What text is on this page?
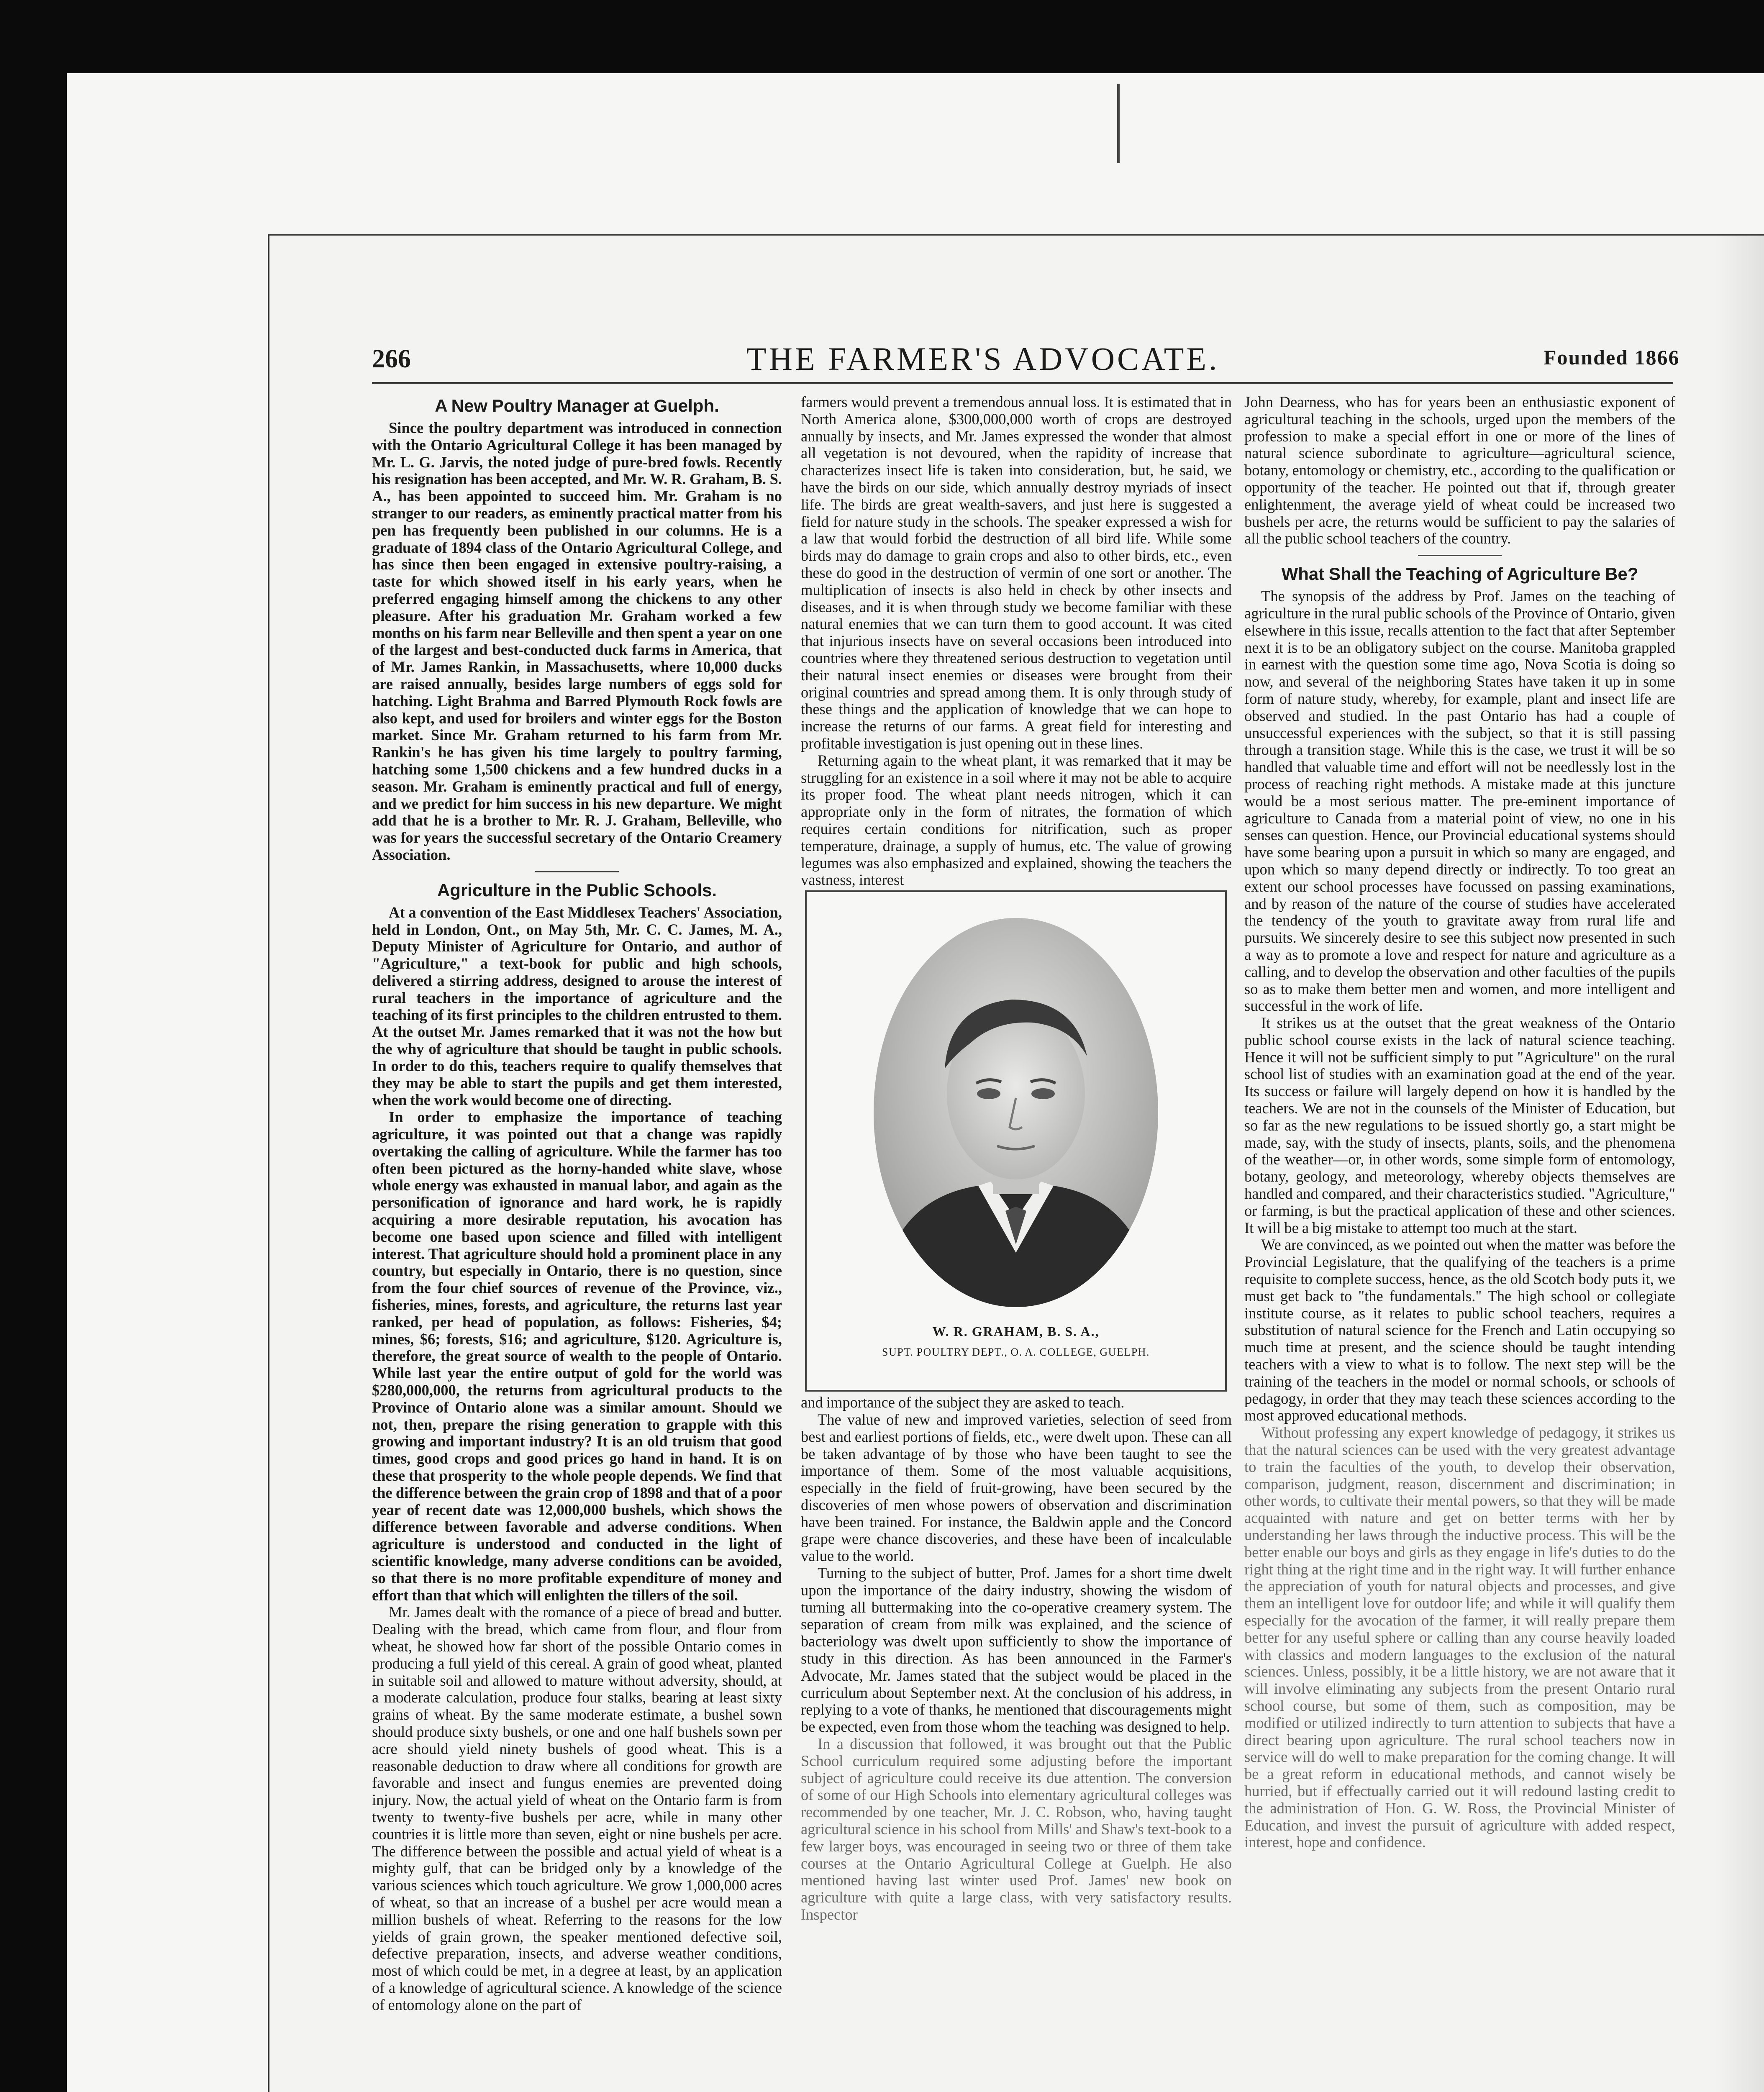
266	THE FARMER'S ADVOCATE.	Founded 1866
A New Poultry Manager at Guelph.

Since the poultry department was introduced in connection with the Ontario Agricultural College it has been managed by Mr. L. G. Jarvis, the noted judge of pure-bred fowls. Recently his resignation has been accepted, and Mr. W. R. Graham, B. S. A., has been appointed to succeed him. Mr. Graham is no stranger to our readers, as eminently practical matter from his pen has frequently been published in our columns. He is a graduate of 1894 class of the Ontario Agricultural College, and has since then been engaged in extensive poultry-raising, a taste for which showed itself in his early years, when he preferred engaging himself among the chickens to any other pleasure. After his graduation Mr. Graham worked a few months on his farm near Belleville and then spent a year on one of the largest and best-conducted duck farms in America, that of Mr. James Rankin, in Massachusetts, where 10,000 ducks are raised annually, besides large numbers of eggs sold for hatching. Light Brahma and Barred Plymouth Rock fowls are also kept, and used for broilers and winter eggs for the Boston market. Since Mr. Graham returned to his farm from Mr. Rankin's he has given his time largely to poultry farming, hatching some 1,500 chickens and a few hundred ducks in a season. Mr. Graham is eminently practical and full of energy, and we predict for him success in his new departure. We might add that he is a brother to Mr. R. J. Graham, Belleville, who was for years the successful secretary of the Ontario Creamery Association.

Agriculture in the Public Schools.

At a convention of the East Middlesex Teachers' Association, held in London, Ont., on May 5th, Mr. C. C. James, M. A., Deputy Minister of Agriculture for Ontario, and author of "Agriculture," a text-book for public and high schools, delivered a stirring address, designed to arouse the interest of rural teachers in the importance of agriculture and the teaching of its first principles to the children entrusted to them. At the outset Mr. James remarked that it was not the how but the why of agriculture that should be taught in public schools. In order to do this, teachers require to qualify themselves that they may be able to start the pupils and get them interested, when the work would become one of directing.

In order to emphasize the importance of teaching agriculture, it was pointed out that a change was rapidly overtaking the calling of agriculture. While the farmer has too often been pictured as the horny-handed white slave, whose whole energy was exhausted in manual labor, and again as the personification of ignorance and hard work, he is rapidly acquiring a more desirable reputation, his avocation has become one based upon science and filled with intelligent interest. That agriculture should hold a prominent place in any country, but especially in Ontario, there is no question, since from the four chief sources of revenue of the Province, viz., fisheries, mines, forests, and agriculture, the returns last year ranked, per head of population, as follows: Fisheries, $4; mines, $6; forests, $16; and agriculture, $120. Agriculture is, therefore, the great source of wealth to the people of Ontario. While last year the entire output of gold for the world was $280,000,000, the returns from agricultural products to the Province of Ontario alone was a similar amount. Should we not, then, prepare the rising generation to grapple with this growing and important industry? It is an old truism that good times, good crops and good prices go hand in hand. It is on these that prosperity to the whole people depends. We find that the difference between the grain crop of 1898 and that of a poor year of recent date was 12,000,000 bushels, which shows the difference between favorable and adverse conditions. When agriculture is understood and conducted in the light of scientific knowledge, many adverse conditions can be avoided, so that there is no more profitable expenditure of money and effort than that which will enlighten the tillers of the soil.

Mr. James dealt with the romance of a piece of bread and butter. Dealing with the bread, which came from flour, and flour from wheat, he showed how far short of the possible Ontario comes in producing a full yield of this cereal. A grain of good wheat, planted in suitable soil and allowed to mature without adversity, should, at a moderate calculation, produce four stalks, bearing at least sixty grains of wheat. By the same moderate estimate, a bushel sown should produce sixty bushels, or one and one half bushels sown per acre should yield ninety bushels of good wheat. This is a reasonable deduction to draw where all conditions for growth are favorable and insect and fungus enemies are prevented doing injury. Now, the actual yield of wheat on the Ontario farm is from twenty to twenty-five bushels per acre, while in many other countries it is little more than seven, eight or nine bushels per acre. The difference between the possible and actual yield of wheat is a mighty gulf, that can be bridged only by a knowledge of the various sciences which touch agriculture. We grow 1,000,000 acres of wheat, so that an increase of a bushel per acre would mean a million bushels of wheat. Referring to the reasons for the low yields of grain grown, the speaker mentioned defective soil, defective preparation, insects, and adverse weather conditions, most of which could be met, in a degree at least, by an application of a knowledge of agricultural science. A knowledge of the science of entomology alone on the part of

farmers would prevent a tremendous annual loss. It is estimated that in North America alone, $300,000,000 worth of crops are destroyed annually by insects, and Mr. James expressed the wonder that almost all vegetation is not devoured, when the rapidity of increase that characterizes insect life is taken into consideration, but, he said, we have the birds on our side, which annually destroy myriads of insect life. The birds are great wealth-savers, and just here is suggested a field for nature study in the schools. The speaker expressed a wish for a law that would forbid the destruction of all bird life. While some birds may do damage to grain crops and also to other birds, etc., even these do good in the destruction of vermin of one sort or another. The multiplication of insects is also held in check by other insects and diseases, and it is when through study we become familiar with these natural enemies that we can turn them to good account. It was cited that injurious insects have on several occasions been introduced into countries where they threatened serious destruction to vegetation until their natural insect enemies or diseases were brought from their original countries and spread among them. It is only through study of these things and the application of knowledge that we can hope to increase the returns of our farms. A great field for interesting and profitable investigation is just opening out in these lines.

Returning again to the wheat plant, it was remarked that it may be struggling for an existence in a soil where it may not be able to acquire its proper food. The wheat plant needs nitrogen, which it can appropriate only in the form of nitrates, the formation of which requires certain conditions for nitrification, such as proper temperature, drainage, a supply of humus, etc. The value of growing legumes was also emphasized and explained, showing the teachers the vastness, interest

W. R. GRAHAM, B. S. A.,
SUPT. POULTRY DEPT., O. A. COLLEGE, GUELPH.

and importance of the subject they are asked to teach.

The value of new and improved varieties, selection of seed from best and earliest portions of fields, etc., were dwelt upon. These can all be taken advantage of by those who have been taught to see the importance of them. Some of the most valuable acquisitions, especially in the field of fruit-growing, have been secured by the discoveries of men whose powers of observation and discrimination have been trained. For instance, the Baldwin apple and the Concord grape were chance discoveries, and these have been of incalculable value to the world.

Turning to the subject of butter, Prof. James for a short time dwelt upon the importance of the dairy industry, showing the wisdom of turning all buttermaking into the co-operative creamery system. The separation of cream from milk was explained, and the science of bacteriology was dwelt upon sufficiently to show the importance of study in this direction. As has been announced in the Farmer's Advocate, Mr. James stated that the subject would be placed in the curriculum about September next. At the conclusion of his address, in replying to a vote of thanks, he mentioned that discouragements might be expected, even from those whom the teaching was designed to help.

In a discussion that followed, it was brought out that the Public School curriculum required some adjusting before the important subject of agriculture could receive its due attention. The conversion of some of our High Schools into elementary agricultural colleges was recommended by one teacher, Mr. J. C. Robson, who, having taught agricultural science in his school from Mills' and Shaw's text-book to a few larger boys, was encouraged in seeing two or three of them take courses at the Ontario Agricultural College at Guelph. He also mentioned having last winter used Prof. James' new book on agriculture with quite a large class, with very satisfactory results. Inspector

John Dearness, who has for years been an enthusiastic exponent of agricultural teaching in the schools, urged upon the members of the profession to make a special effort in one or more of the lines of natural science subordinate to agriculture—agricultural science, botany, entomology or chemistry, etc., according to the qualification or opportunity of the teacher. He pointed out that if, through greater enlightenment, the average yield of wheat could be increased two bushels per acre, the returns would be sufficient to pay the salaries of all the public school teachers of the country.

What Shall the Teaching of Agriculture Be?

The synopsis of the address by Prof. James on the teaching of agriculture in the rural public schools of the Province of Ontario, given elsewhere in this issue, recalls attention to the fact that after September next it is to be an obligatory subject on the course. Manitoba grappled in earnest with the question some time ago, Nova Scotia is doing so now, and several of the neighboring States have taken it up in some form of nature study, whereby, for example, plant and insect life are observed and studied. In the past Ontario has had a couple of unsuccessful experiences with the subject, so that it is still passing through a transition stage. While this is the case, we trust it will be so handled that valuable time and effort will not be needlessly lost in the process of reaching right methods. A mistake made at this juncture would be a most serious matter. The pre-eminent importance of agriculture to Canada from a material point of view, no one in his senses can question. Hence, our Provincial educational systems should have some bearing upon a pursuit in which so many are engaged, and upon which so many depend directly or indirectly. To too great an extent our school processes have focussed on passing examinations, and by reason of the nature of the course of studies have accelerated the tendency of the youth to gravitate away from rural life and pursuits. We sincerely desire to see this subject now presented in such a way as to promote a love and respect for nature and agriculture as a calling, and to develop the observation and other faculties of the pupils so as to make them better men and women, and more intelligent and successful in the work of life.

It strikes us at the outset that the great weakness of the Ontario public school course exists in the lack of natural science teaching. Hence it will not be sufficient simply to put "Agriculture" on the rural school list of studies with an examination goad at the end of the year. Its success or failure will largely depend on how it is handled by the teachers. We are not in the counsels of the Minister of Education, but so far as the new regulations to be issued shortly go, a start might be made, say, with the study of insects, plants, soils, and the phenomena of the weather—or, in other words, some simple form of entomology, botany, geology, and meteorology, whereby objects themselves are handled and compared, and their characteristics studied. "Agriculture," or farming, is but the practical application of these and other sciences. It will be a big mistake to attempt too much at the start.

We are convinced, as we pointed out when the matter was before the Provincial Legislature, that the qualifying of the teachers is a prime requisite to complete success, hence, as the old Scotch body puts it, we must get back to "the fundamentals." The high school or collegiate institute course, as it relates to public school teachers, requires a substitution of natural science for the French and Latin occupying so much time at present, and the science should be taught intending teachers with a view to what is to follow. The next step will be the training of the teachers in the model or normal schools, or schools of pedagogy, in order that they may teach these sciences according to the most approved educational methods.

Without professing any expert knowledge of pedagogy, it strikes us that the natural sciences can be used with the very greatest advantage to train the faculties of the youth, to develop their observation, comparison, judgment, reason, discernment and discrimination; in other words, to cultivate their mental powers, so that they will be made acquainted with nature and get on better terms with her by understanding her laws through the inductive process. This will be the better enable our boys and girls as they engage in life's duties to do the right thing at the right time and in the right way. It will further enhance the appreciation of youth for natural objects and processes, and give them an intelligent love for outdoor life; and while it will qualify them especially for the avocation of the farmer, it will really prepare them better for any useful sphere or calling than any course heavily loaded with classics and modern languages to the exclusion of the natural sciences. Unless, possibly, it be a little history, we are not aware that it will involve eliminating any subjects from the present Ontario rural school course, but some of them, such as composition, may be modified or utilized indirectly to turn attention to subjects that have a direct bearing upon agriculture. The rural school teachers now in service will do well to make preparation for the coming change. It will be a great reform in educational methods, and cannot wisely be hurried, but if effectually carried out it will redound lasting credit to the administration of Hon. G. W. Ross, the Provincial Minister of Education, and invest the pursuit of agriculture with added respect, interest, hope and confidence.
